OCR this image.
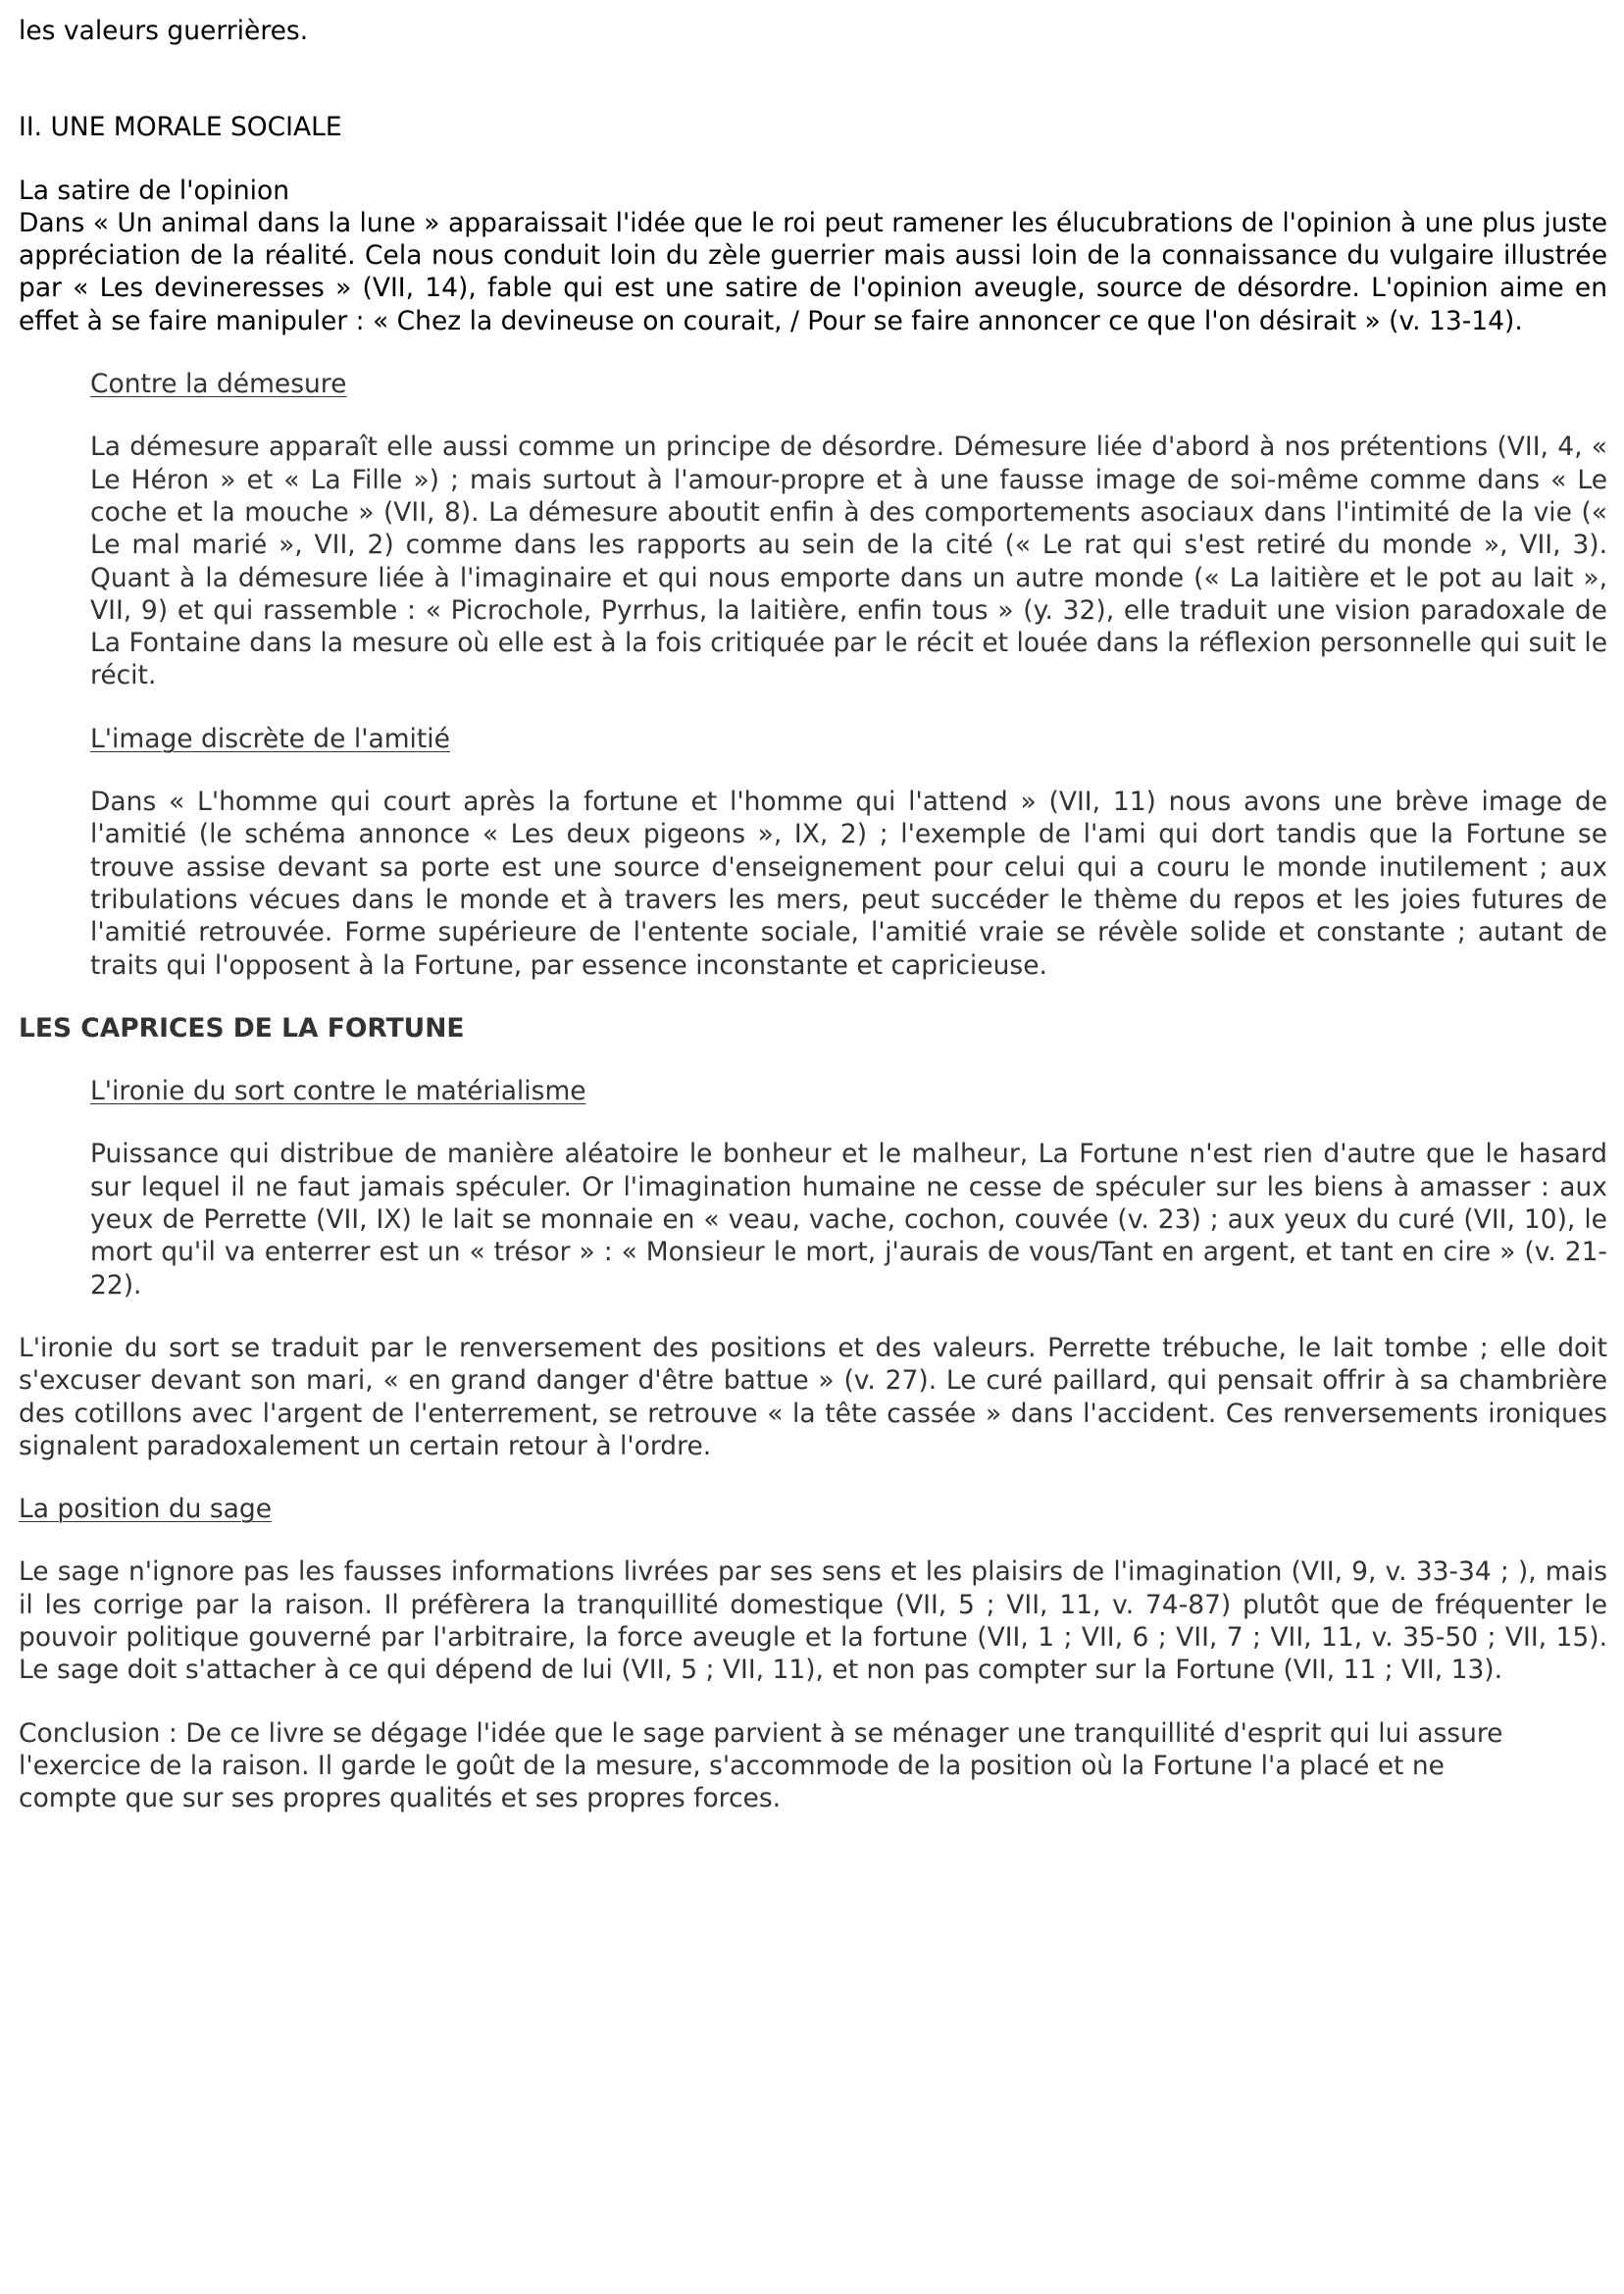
les valeurs guerrières.

II. UNE MORALE SOCIALE
La satire de l'opinion

Dans « Un animal dans la lune » apparaissait l'idée que le roi peut ramener les élucubrations de l'opinion à une plus juste appréciation de la réalité. Cela nous conduit loin du zèle guerrier mais aussi loin de la connaissance du vulgaire illustrée par « Les devineresses » (VII, 14), fable qui est une satire de l'opinion aveugle, source de désordre. L'opinion aime en effet à se faire manipuler : « Chez la devineuse on courait, / Pour se faire annoncer ce que l'on désirait » (v. 13-14).

Contre la démesure

La démesure apparaît elle aussi comme un principe de désordre. Démesure liée d'abord à nos prétentions (VII, 4, « Le Héron » et « La Fille ») ; mais surtout à l'amour-propre et à une fausse image de soi-même comme dans « Le coche et la mouche » (VII, 8). La démesure aboutit enfin à des comportements asociaux dans l'intimité de la vie (« Le mal marié », VII, 2) comme dans les rapports au sein de la cité (« Le rat qui s'est retiré du monde », VII, 3). Quant à la démesure liée à l'imaginaire et qui nous emporte dans un autre monde (« La laitière et le pot au lait », VII, 9) et qui rassemble : « Picrochole, Pyrrhus, la laitière, enfin tous » (y. 32), elle traduit une vision paradoxale de La Fontaine dans la mesure où elle est à la fois critiquée par le récit et louée dans la réflexion personnelle qui suit le récit.

L'image discrète de l'amitié

Dans « L'homme qui court après la fortune et l'homme qui l'attend » (VII, 11) nous avons une brève image de l'amitié (le schéma annonce « Les deux pigeons », IX, 2) ; l'exemple de l'ami qui dort tandis que la Fortune se trouve assise devant sa porte est une source d'enseignement pour celui qui a couru le monde inutilement ; aux tribulations vécues dans le monde et à travers les mers, peut succéder le thème du repos et les joies futures de l'amitié retrouvée. Forme supérieure de l'entente sociale, l'amitié vraie se révèle solide et constante ; autant de traits qui l'opposent à la Fortune, par essence inconstante et capricieuse.

LES CAPRICES DE LA FORTUNE
L'ironie du sort contre le matérialisme

Puissance qui distribue de manière aléatoire le bonheur et le malheur, La Fortune n'est rien d'autre que le hasard sur lequel il ne faut jamais spéculer. Or l'imagination humaine ne cesse de spéculer sur les biens à amasser : aux yeux de Perrette (VII, IX) le lait se monnaie en « veau, vache, cochon, couvée (v. 23) ; aux yeux du curé (VII, 10), le mort qu'il va enterrer est un « trésor » : « Monsieur le mort, j'aurais de vous/Tant en argent, et tant en cire » (v. 21-22).

L'ironie du sort se traduit par le renversement des positions et des valeurs. Perrette trébuche, le lait tombe ; elle doit s'excuser devant son mari, « en grand danger d'être battue » (v. 27). Le curé paillard, qui pensait offrir à sa chambrière des cotillons avec l'argent de l'enterrement, se retrouve « la tête cassée » dans l'accident. Ces renversements ironiques signalent paradoxalement un certain retour à l'ordre.

La position du sage

Le sage n'ignore pas les fausses informations livrées par ses sens et les plaisirs de l'imagination (VII, 9, v. 33-34 ; ), mais il les corrige par la raison. Il préfèrera la tranquillité domestique (VII, 5 ; VII, 11, v. 74-87) plutôt que de fréquenter le pouvoir politique gouverné par l'arbitraire, la force aveugle et la fortune (VII, 1 ; VII, 6 ; VII, 7 ; VII, 11, v. 35-50 ; VII, 15). Le sage doit s'attacher à ce qui dépend de lui (VII, 5 ; VII, 11), et non pas compter sur la Fortune (VII, 11 ; VII, 13).

Conclusion : De ce livre se dégage l'idée que le sage parvient à se ménager une tranquillité d'esprit qui lui assure
l'exercice de la raison. Il garde le goût de la mesure, s'accommode de la position où la Fortune l'a placé et ne
compte que sur ses propres qualités et ses propres forces.
